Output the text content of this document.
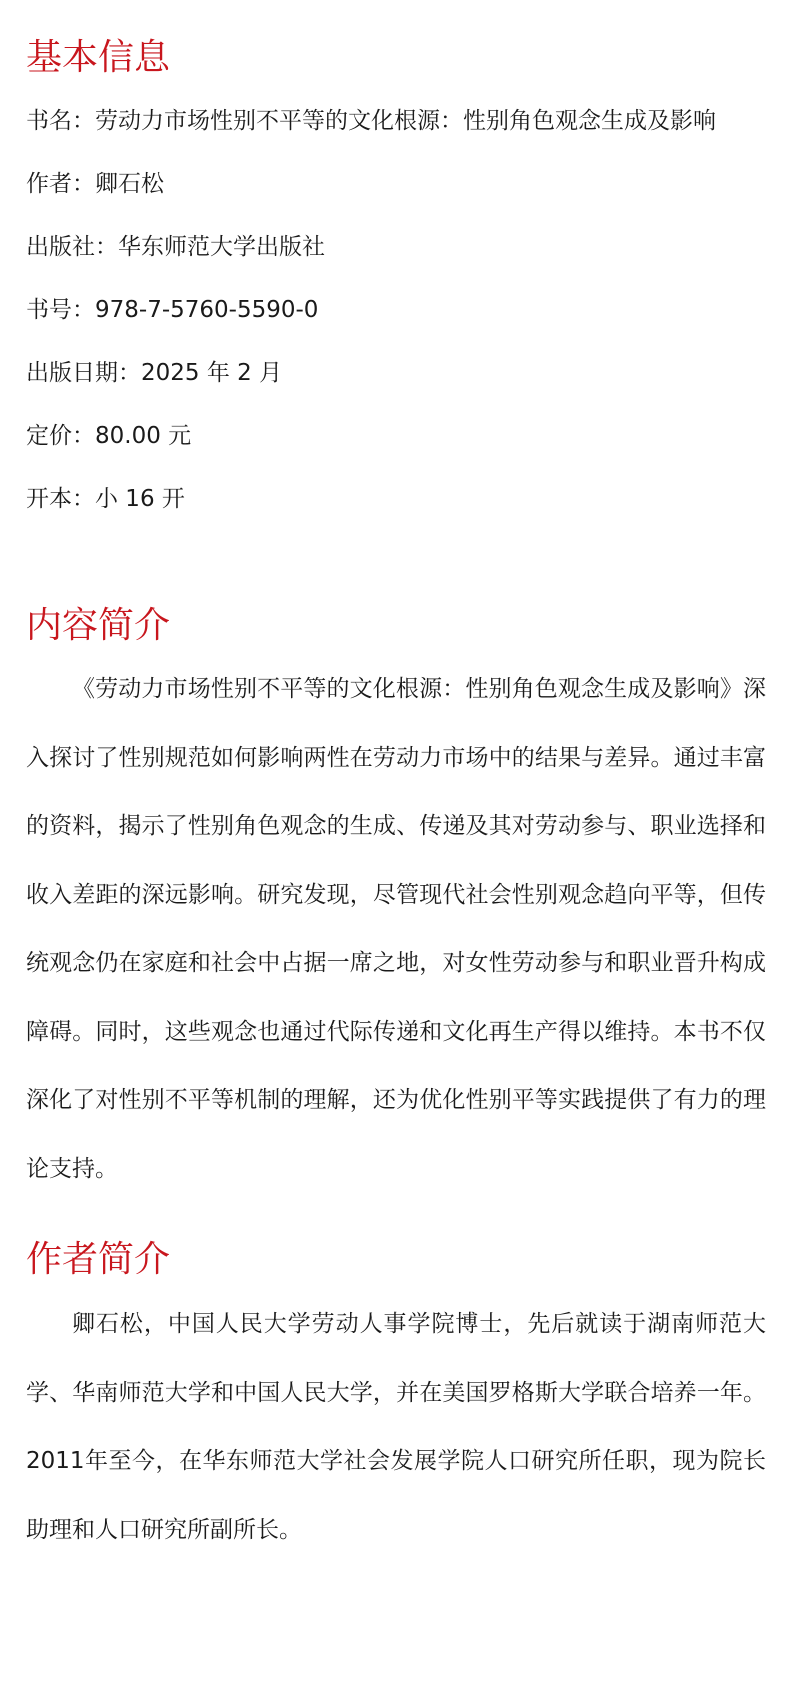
基本信息
书名：劳动力市场性别不平等的文化根源：性别角色观念生成及影响
作者：卿石松
出版社：华东师范大学出版社
书号：978-7-5760-5590-0
出版日期：2025 年 2 月
定价：80.00 元
开本：小 16 开
内容简介

《劳动力市场性别不平等的文化根源：性别角色观念生成及影响》深入探讨了性别规范如何影响两性在劳动力市场中的结果与差异。通过丰富的资料，揭示了性别角色观念的生成、传递及其对劳动参与、职业选择和收入差距的深远影响。研究发现，尽管现代社会性别观念趋向平等，但传统观念仍在家庭和社会中占据一席之地，对女性劳动参与和职业晋升构成障碍。同时，这些观念也通过代际传递和文化再生产得以维持。本书不仅深化了对性别不平等机制的理解，还为优化性别平等实践提供了有力的理论支持。

作者简介

卿石松，中国人民大学劳动人事学院博士，先后就读于湖南师范大学、华南师范大学和中国人民大学，并在美国罗格斯大学联合培养一年。2011年至今，在华东师范大学社会发展学院人口研究所任职，现为院长助理和人口研究所副所长。
